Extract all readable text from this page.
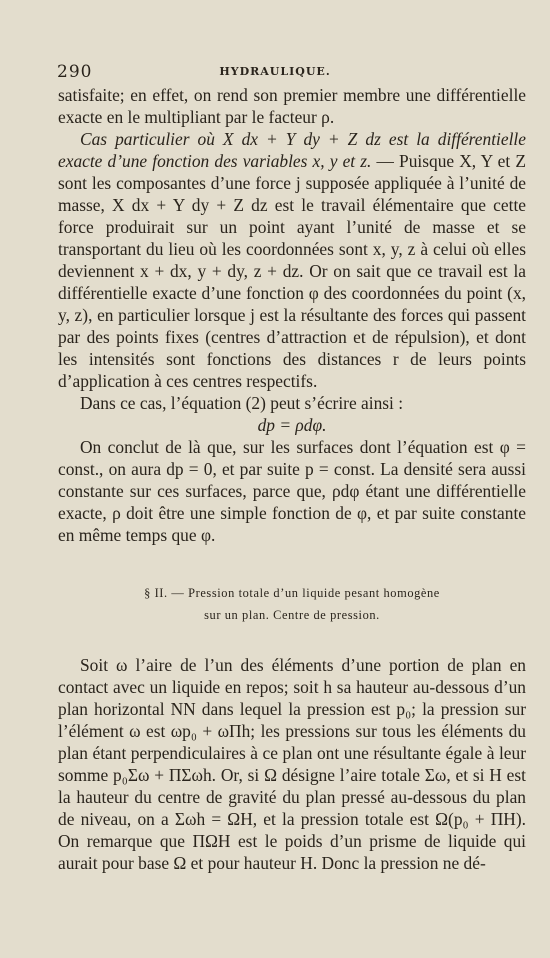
290	HYDRAULIQUE.

satisfaite; en effet, on rend son premier membre une différentielle exacte en le multipliant par le facteur ρ.

Cas particulier où X dx + Y dy + Z dz est la différentielle exacte d’une fonction des variables x, y et z. — Puisque X, Y et Z sont les composantes d’une force j supposée appliquée à l’unité de masse, X dx + Y dy + Z dz est le travail élémentaire que cette force produirait sur un point ayant l’unité de masse et se transportant du lieu où les coordonnées sont x, y, z à celui où elles deviennent x + dx, y + dy, z + dz. Or on sait que ce travail est la différentielle exacte d’une fonction φ des coordonnées du point (x, y, z), en particulier lorsque j est la résultante des forces qui passent par des points fixes (centres d’attraction et de répulsion), et dont les intensités sont fonctions des distances r de leurs points d’application à ces centres respectifs.

Dans ce cas, l’équation (2) peut s’écrire ainsi :

dp = ρdφ.

On conclut de là que, sur les surfaces dont l’équation est φ = const., on aura dp = 0, et par suite p = const. La densité sera aussi constante sur ces surfaces, parce que, ρdφ étant une différentielle exacte, ρ doit être une simple fonction de φ, et par suite constante en même temps que φ.

§ II. — Pression totale d’un liquide pesant homogène
sur un plan. Centre de pression.

Soit ω l’aire de l’un des éléments d’une portion de plan en contact avec un liquide en repos; soit h sa hauteur au-dessous d’un plan horizontal NN dans lequel la pression est p₀; la pression sur l’élément ω est ωp₀ + ωΠh; les pressions sur tous les éléments du plan étant perpendiculaires à ce plan ont une résultante égale à leur somme p₀Σω + ΠΣωh. Or, si Ω désigne l’aire totale Σω, et si H est la hauteur du centre de gravité du plan pressé au-dessous du plan de niveau, on a Σωh = ΩH, et la pression totale est Ω(p₀ + ΠH). On remarque que ΠΩH est le poids d’un prisme de liquide qui aurait pour base Ω et pour hauteur H. Donc la pression ne dé-
